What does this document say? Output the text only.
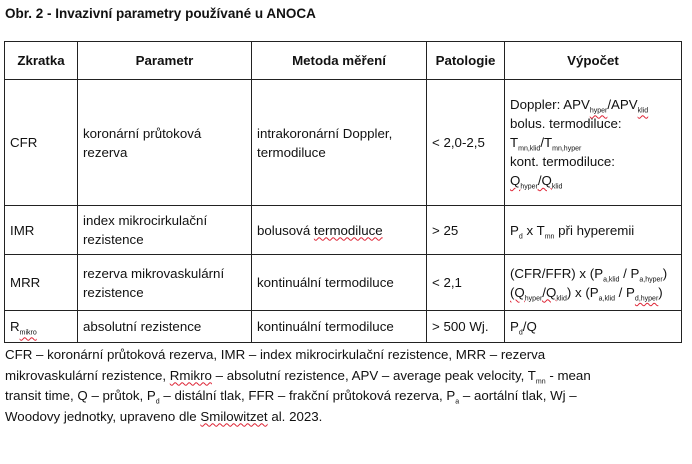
Obr. 2 - Invazivní parametry používané u ANOCA
Zkratka	Parametr	Metoda měření	Patologie	Výpočet
CFR	koronární průtoková rezerva	intrakoronární Doppler, termodiluce	< 2,0-2,5	Doppler: $APV_{hyper}/APV_{klid}$
bolus. termodiluce:
$T_{mn,klid}/T_{mn,hyper}$
kont. termodiluce:
$Q_{hyper}/Q_{klid}$

IMR	index mikrocirkulační rezistence	bolusová termodiluce	> 25	$P_d$ x $T_{mn}$ při hyperemii
MRR	rezerva mikrovaskulární rezistence	kontinuální termodiluce	< 2,1	(CFR/FFR) x $(P_{a,klid} / P_{a,hyper})$
$(Q_{hyper}/Q_{klid})$ x $(P_{a,klid} / P_{d,hyper})$

$R_{mikro}$	absolutní rezistence	kontinuální termodiluce	> 500 Wj.	$P_d/Q$
CFR – koronární průtoková rezerva, IMR – index mikrocirkulační rezistence, MRR – rezerva
mikrovaskulární rezistence, Rmikro – absolutní rezistence, APV – average peak velocity, $T_{mn}$ - mean
transit time, Q – průtok, $P_d$ – distální tlak, FFR – frakční průtoková rezerva, $P_a$ – aortální tlak, Wj –
Woodovy jednotky, upraveno dle Smilowitzet al. 2023.
